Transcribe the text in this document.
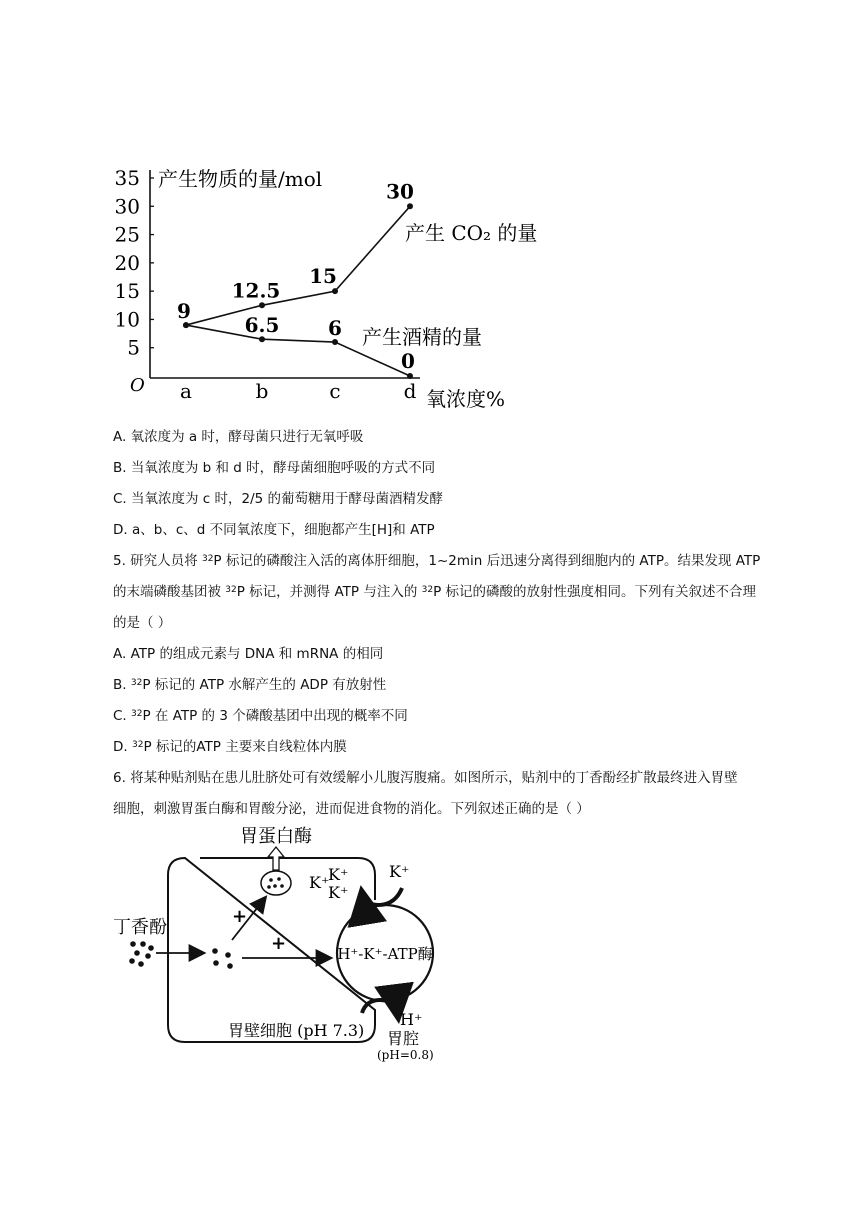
产生物质的量/mol
氧浓度%
O
35
30
25
20
15
10
5
a	b	c	d
9
12.5
15
30
6.5 6
0
产生 CO₂ 的量
产生酒精的量
A. 氧浓度为 a 时，酵母菌只进行无氧呼吸
B. 当氧浓度为 b 和 d 时，酵母菌细胞呼吸的方式不同
C. 当氧浓度为 c 时，2/5 的葡萄糖用于酵母菌酒精发酵
D. a、b、c、d 不同氧浓度下，细胞都产生[H]和 ATP
5. 研究人员将 $^{32}$P 标记的磷酸注入活的离体肝细胞，1~2min 后迅速分离得到细胞内的 ATP。结果发现 ATP
的末端磷酸基团被 $^{32}$P 标记，并测得 ATP 与注入的 $^{32}$P 标记的磷酸的放射性强度相同。下列有关叙述不合理
的是（ ）
A. ATP 的组成元素与 DNA 和 mRNA 的相同
B. $^{32}$P 标记的 ATP 水解产生的 ADP 有放射性
C. $^{32}$P 在 ATP 的 3 个磷酸基团中出现的概率不同
D. $^{32}$P 标记的ATP 主要来自线粒体内膜
6. 将某种贴剂贴在患儿肚脐处可有效缓解小儿腹泻腹痛。如图所示，贴剂中的丁香酚经扩散最终进入胃壁
细胞，刺激胃蛋白酶和胃酸分泌，进而促进食物的消化。下列叙述正确的是（ ）
H⁺-K⁺-ATP酶
胃蛋白酶
丁香酚
+
+
K⁺
K⁺
K⁺
K⁺
胃壁细胞 (pH 7.3)
H⁺
胃腔
(pH=0.8)
